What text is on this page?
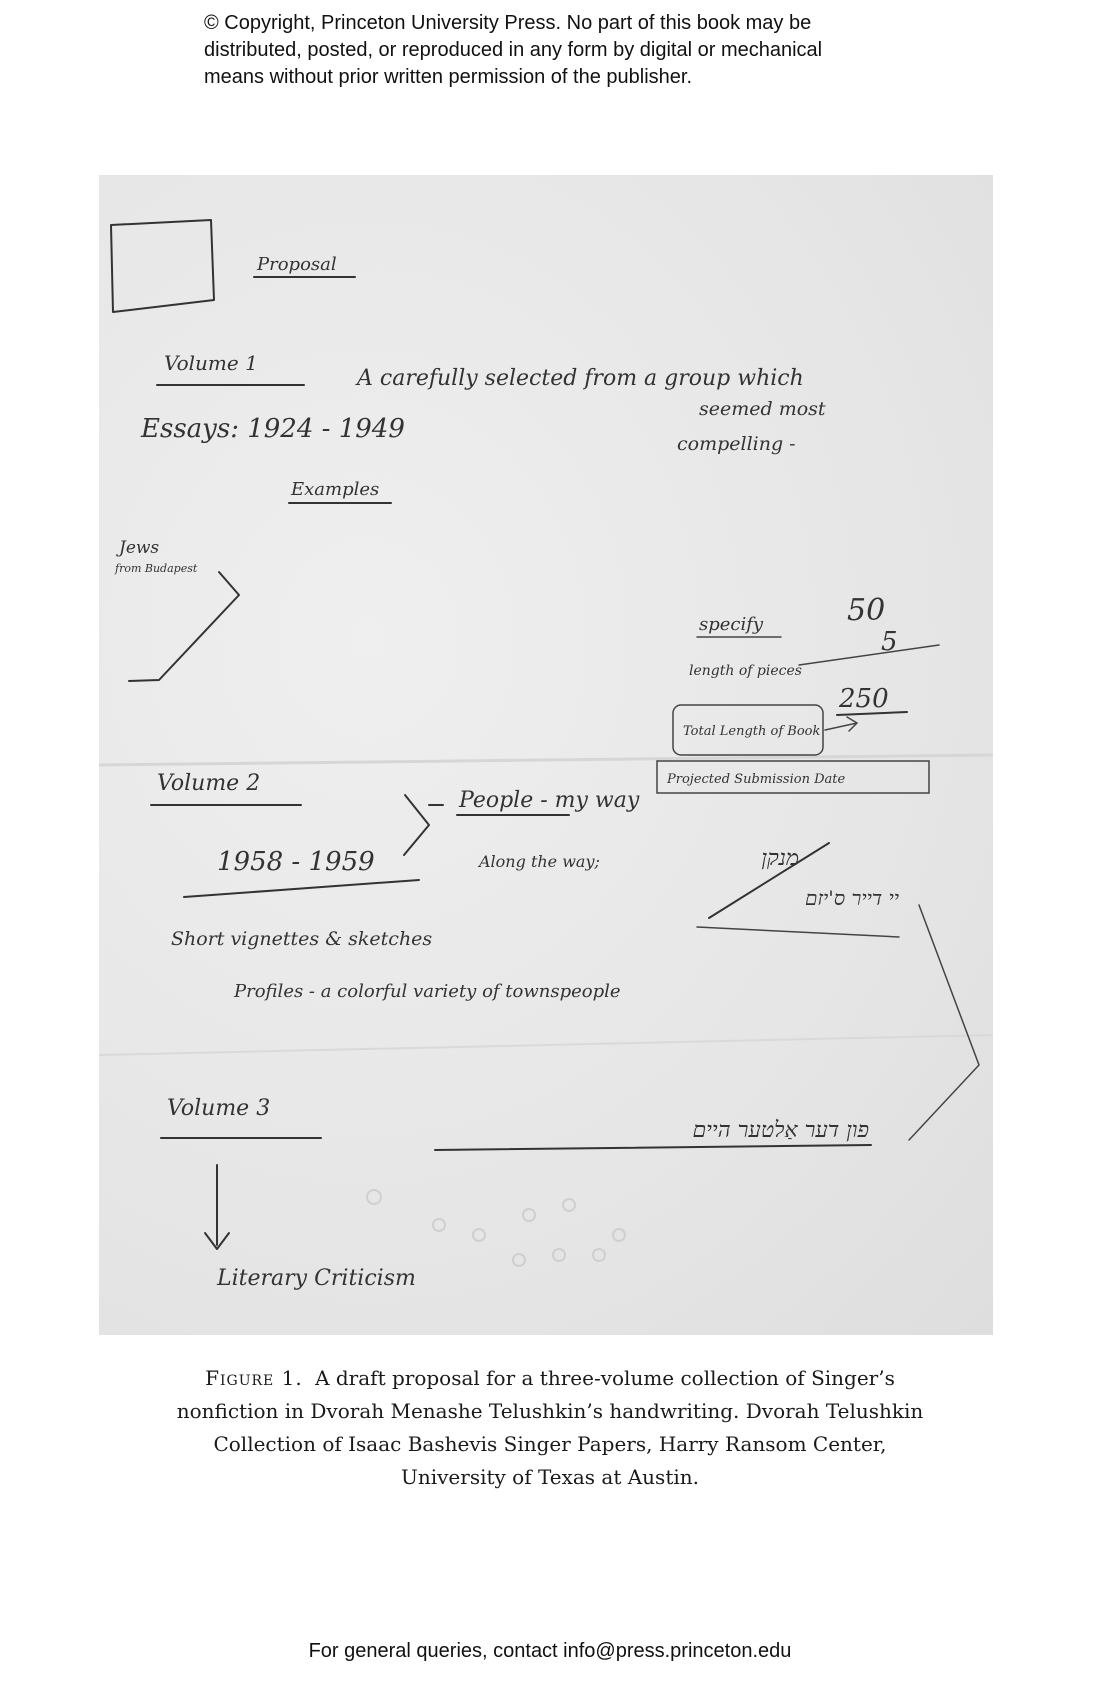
© Copyright, Princeton University Press. No part of this book may be
distributed, posted, or reproduced in any form by digital or mechanical
means without prior written permission of the publisher.
Proposal
Volume 1
A carefully selected from a group which
seemed most
compelling -
Essays: 1924 - 1949
Examples
Jews
from Budapest
specify	50
5
length of pieces
250
Total Length of Book
Projected Submission Date
Volume 2
People - my way
1958 - 1959	Along the way;	מנקן
יי דייר ס'יזם
Short vignettes & sketches
Profiles - a colorful variety of townspeople
Volume 3
פון דער אַלטער היים
Literary Criticism
Figure 1. A draft proposal for a three-volume collection of Singer’s nonfiction in Dvorah Menashe Telushkin’s handwriting. Dvorah Telushkin Collection of Isaac Bashevis Singer Papers, Harry Ransom Center, University of Texas at Austin.
For general queries, contact info@press.princeton.edu
